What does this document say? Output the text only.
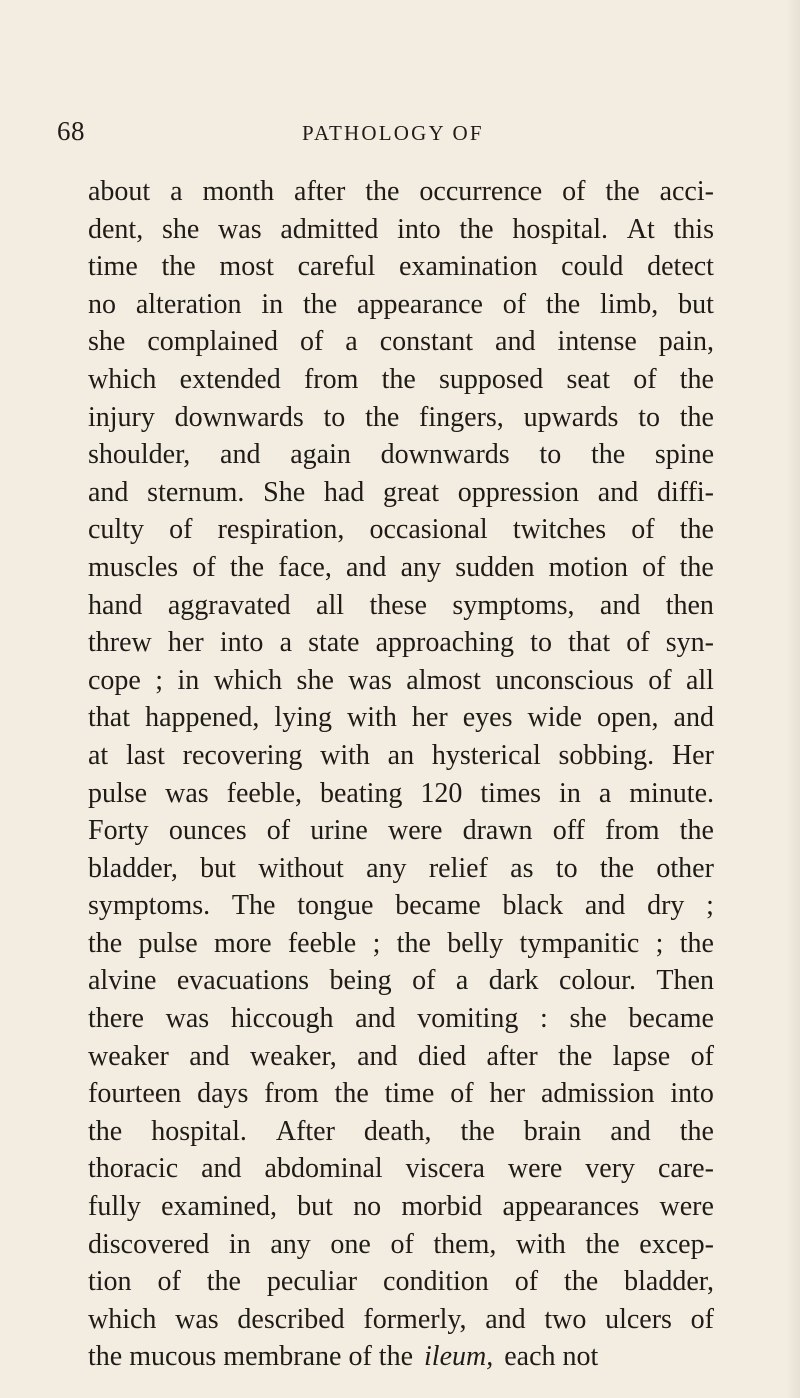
68	PATHOLOGY OF
about a month after the occurrence of the acci-
dent, she was admitted into the hospital. At this
time the most careful examination could detect
no alteration in the appearance of the limb, but
she complained of a constant and intense pain,
which extended from the supposed seat of the
injury downwards to the fingers, upwards to the
shoulder, and again downwards to the spine
and sternum. She had great oppression and diffi-
culty of respiration, occasional twitches of the
muscles of the face, and any sudden motion of the
hand aggravated all these symptoms, and then
threw her into a state approaching to that of syn-
cope ; in which she was almost unconscious of all
that happened, lying with her eyes wide open, and
at last recovering with an hysterical sobbing. Her
pulse was feeble, beating 120 times in a minute.
Forty ounces of urine were drawn off from the
bladder, but without any relief as to the other
symptoms. The tongue became black and dry ;
the pulse more feeble ; the belly tympanitic ; the
alvine evacuations being of a dark colour. Then
there was hiccough and vomiting : she became
weaker and weaker, and died after the lapse of
fourteen days from the time of her admission into
the hospital. After death, the brain and the
thoracic and abdominal viscera were very care-
fully examined, but no morbid appearances were
discovered in any one of them, with the excep-
tion of the peculiar condition of the bladder,
which was described formerly, and two ulcers of
the mucous membrane of the ileum, each not
